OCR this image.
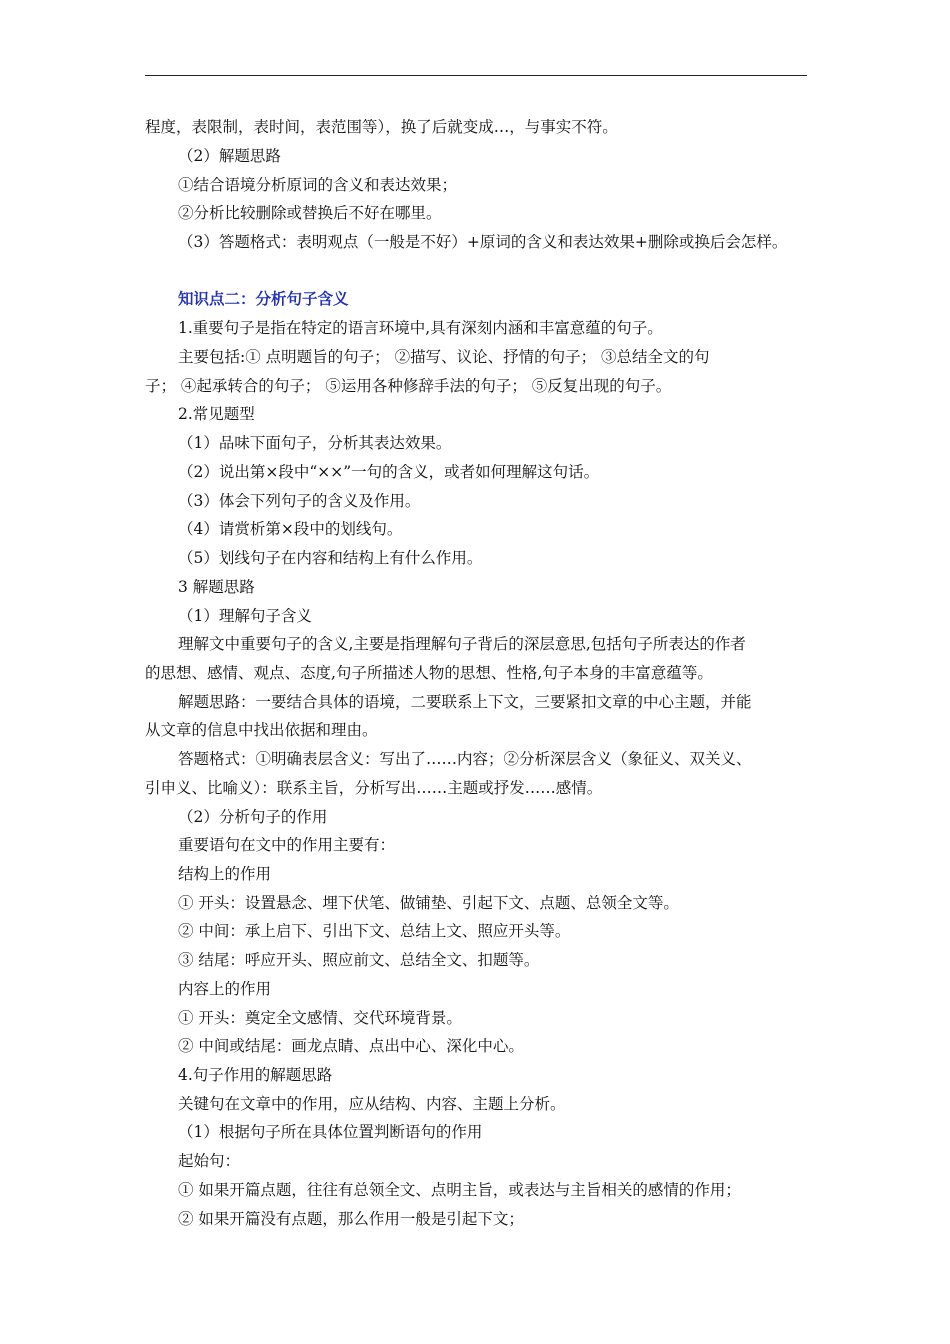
程度，表限制，表时间，表范围等），换了后就变成…，与事实不符。
（2）解题思路
①结合语境分析原词的含义和表达效果；
②分析比较删除或替换后不好在哪里。
（3）答题格式：表明观点（一般是不好）+原词的含义和表达效果+删除或换后会怎样。
知识点二：分析句子含义
1.重要句子是指在特定的语言环境中,具有深刻内涵和丰富意蕴的句子。
主要包括:① 点明题旨的句子； ②描写、议论、抒情的句子； ③总结全文的句
子； ④起承转合的句子； ⑤运用各种修辞手法的句子； ⑤反复出现的句子。
2.常见题型
（1）品味下面句子，分析其表达效果。
（2）说出第×段中“××”一句的含义，或者如何理解这句话。
（3）体会下列句子的含义及作用。
（4）请赏析第×段中的划线句。
（5）划线句子在内容和结构上有什么作用。
3 解题思路
（1）理解句子含义
理解文中重要句子的含义,主要是指理解句子背后的深层意思,包括句子所表达的作者
的思想、感情、观点、态度,句子所描述人物的思想、性格,句子本身的丰富意蕴等。
解题思路：一要结合具体的语境，二要联系上下文，三要紧扣文章的中心主题，并能
从文章的信息中找出依据和理由。
答题格式：①明确表层含义：写出了……内容；②分析深层含义（象征义、双关义、
引申义、比喻义）：联系主旨，分析写出……主题或抒发……感情。
（2）分析句子的作用
重要语句在文中的作用主要有：
结构上的作用
① 开头：设置悬念、埋下伏笔、做铺垫、引起下文、点题、总领全文等。
② 中间：承上启下、引出下文、总结上文、照应开头等。
③ 结尾：呼应开头、照应前文、总结全文、扣题等。
内容上的作用
① 开头：奠定全文感情、交代环境背景。
② 中间或结尾：画龙点睛、点出中心、深化中心。
4.句子作用的解题思路
关键句在文章中的作用，应从结构、内容、主题上分析。
（1）根据句子所在具体位置判断语句的作用
起始句：
① 如果开篇点题，往往有总领全文、点明主旨，或表达与主旨相关的感情的作用；
② 如果开篇没有点题，那么作用一般是引起下文；
